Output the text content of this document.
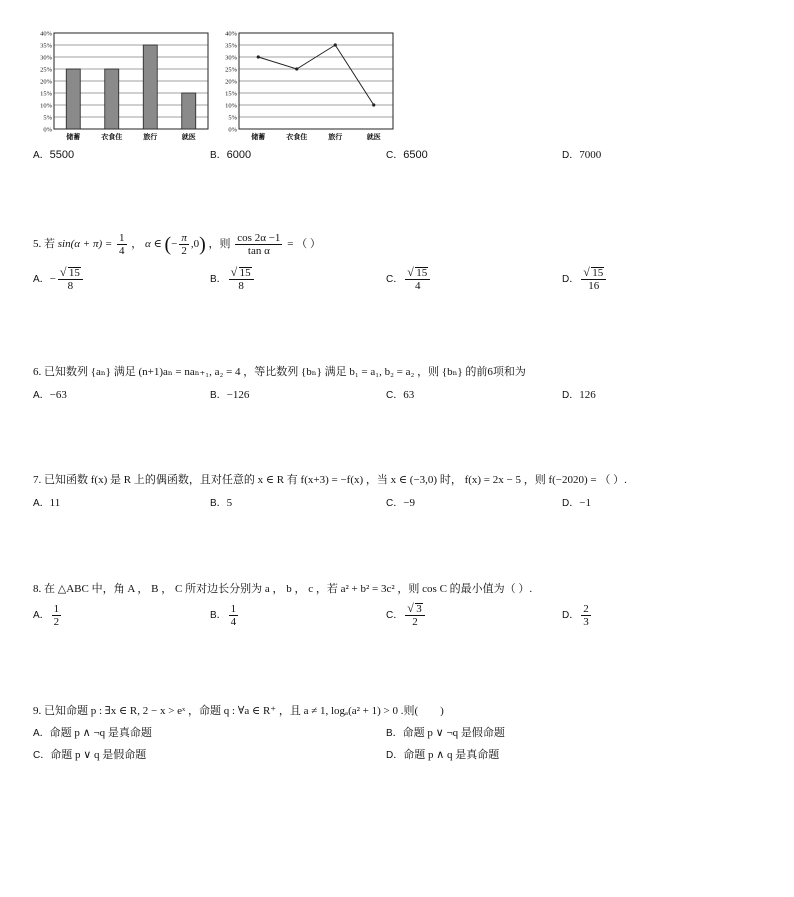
40%
35%
30%
25%
20%
15%
10%
5%
0%
储蓄	衣食住	旅行	就医
40%
35%
30%
25%
20%
15%
10%
5%
0%
储蓄	衣食住	旅行	就医
A．5500	B．6000	C．6500	D．7000
5. 若 $\sin(\alpha + \pi) = \frac{1}{4}$ ， α ∈ (− $\frac{\pi}{2} ,0$) ，则 $\frac{\cos 2\alpha -1}{\text{tan α}}$ = （ ）
A．− √ $\frac{15}{8}$	B． √ $\frac{15}{8}$	C． √ $\frac{15}{4}$	D． √ $\frac{15}{16}$
6. 已知数列 {aₙ} 满足 (n+1)aₙ = naₙ₊₁, a₂ = 4 ，等比数列 {bₙ} 满足 b₁ = a₁, b₂ = a₂ ，则 {bₙ} 的前6项和为
A．−63	B．−126	C．63	D．126
7. 已知函数 f(x) 是 R 上的偶函数，且对任意的 x ∈ R 有 f(x+3) = −f(x) ，当 x ∈ (−3,0) 时， f(x) = 2x − 5 ，则 f(−2020) = （ ）.
A．11	B．5	C．−9	D．−1
8. 在 △ABC 中，角 A ， B ， C 所对边长分别为 a ， b ， c ，若 a² + b² = 3c² ，则 cos C 的最小值为（ ）.
A． $\frac{1}{2}$	B． $\frac{1}{4}$	C． √ $\frac{3}{2}$	D． $\frac{2}{3}$
9. 已知命题 p : ∃x ∈ R, 2 − x > eˣ ，命题 q : ∀a ∈ R⁺ ，且 a ≠ 1, logₐ(a² + 1) > 0 .则(　　)
A．命题 p ∧ ¬q 是真命题	B．命题 p ∨ ¬q 是假命题
C．命题 p ∨ q 是假命题	D．命题 p ∧ q 是真命题
